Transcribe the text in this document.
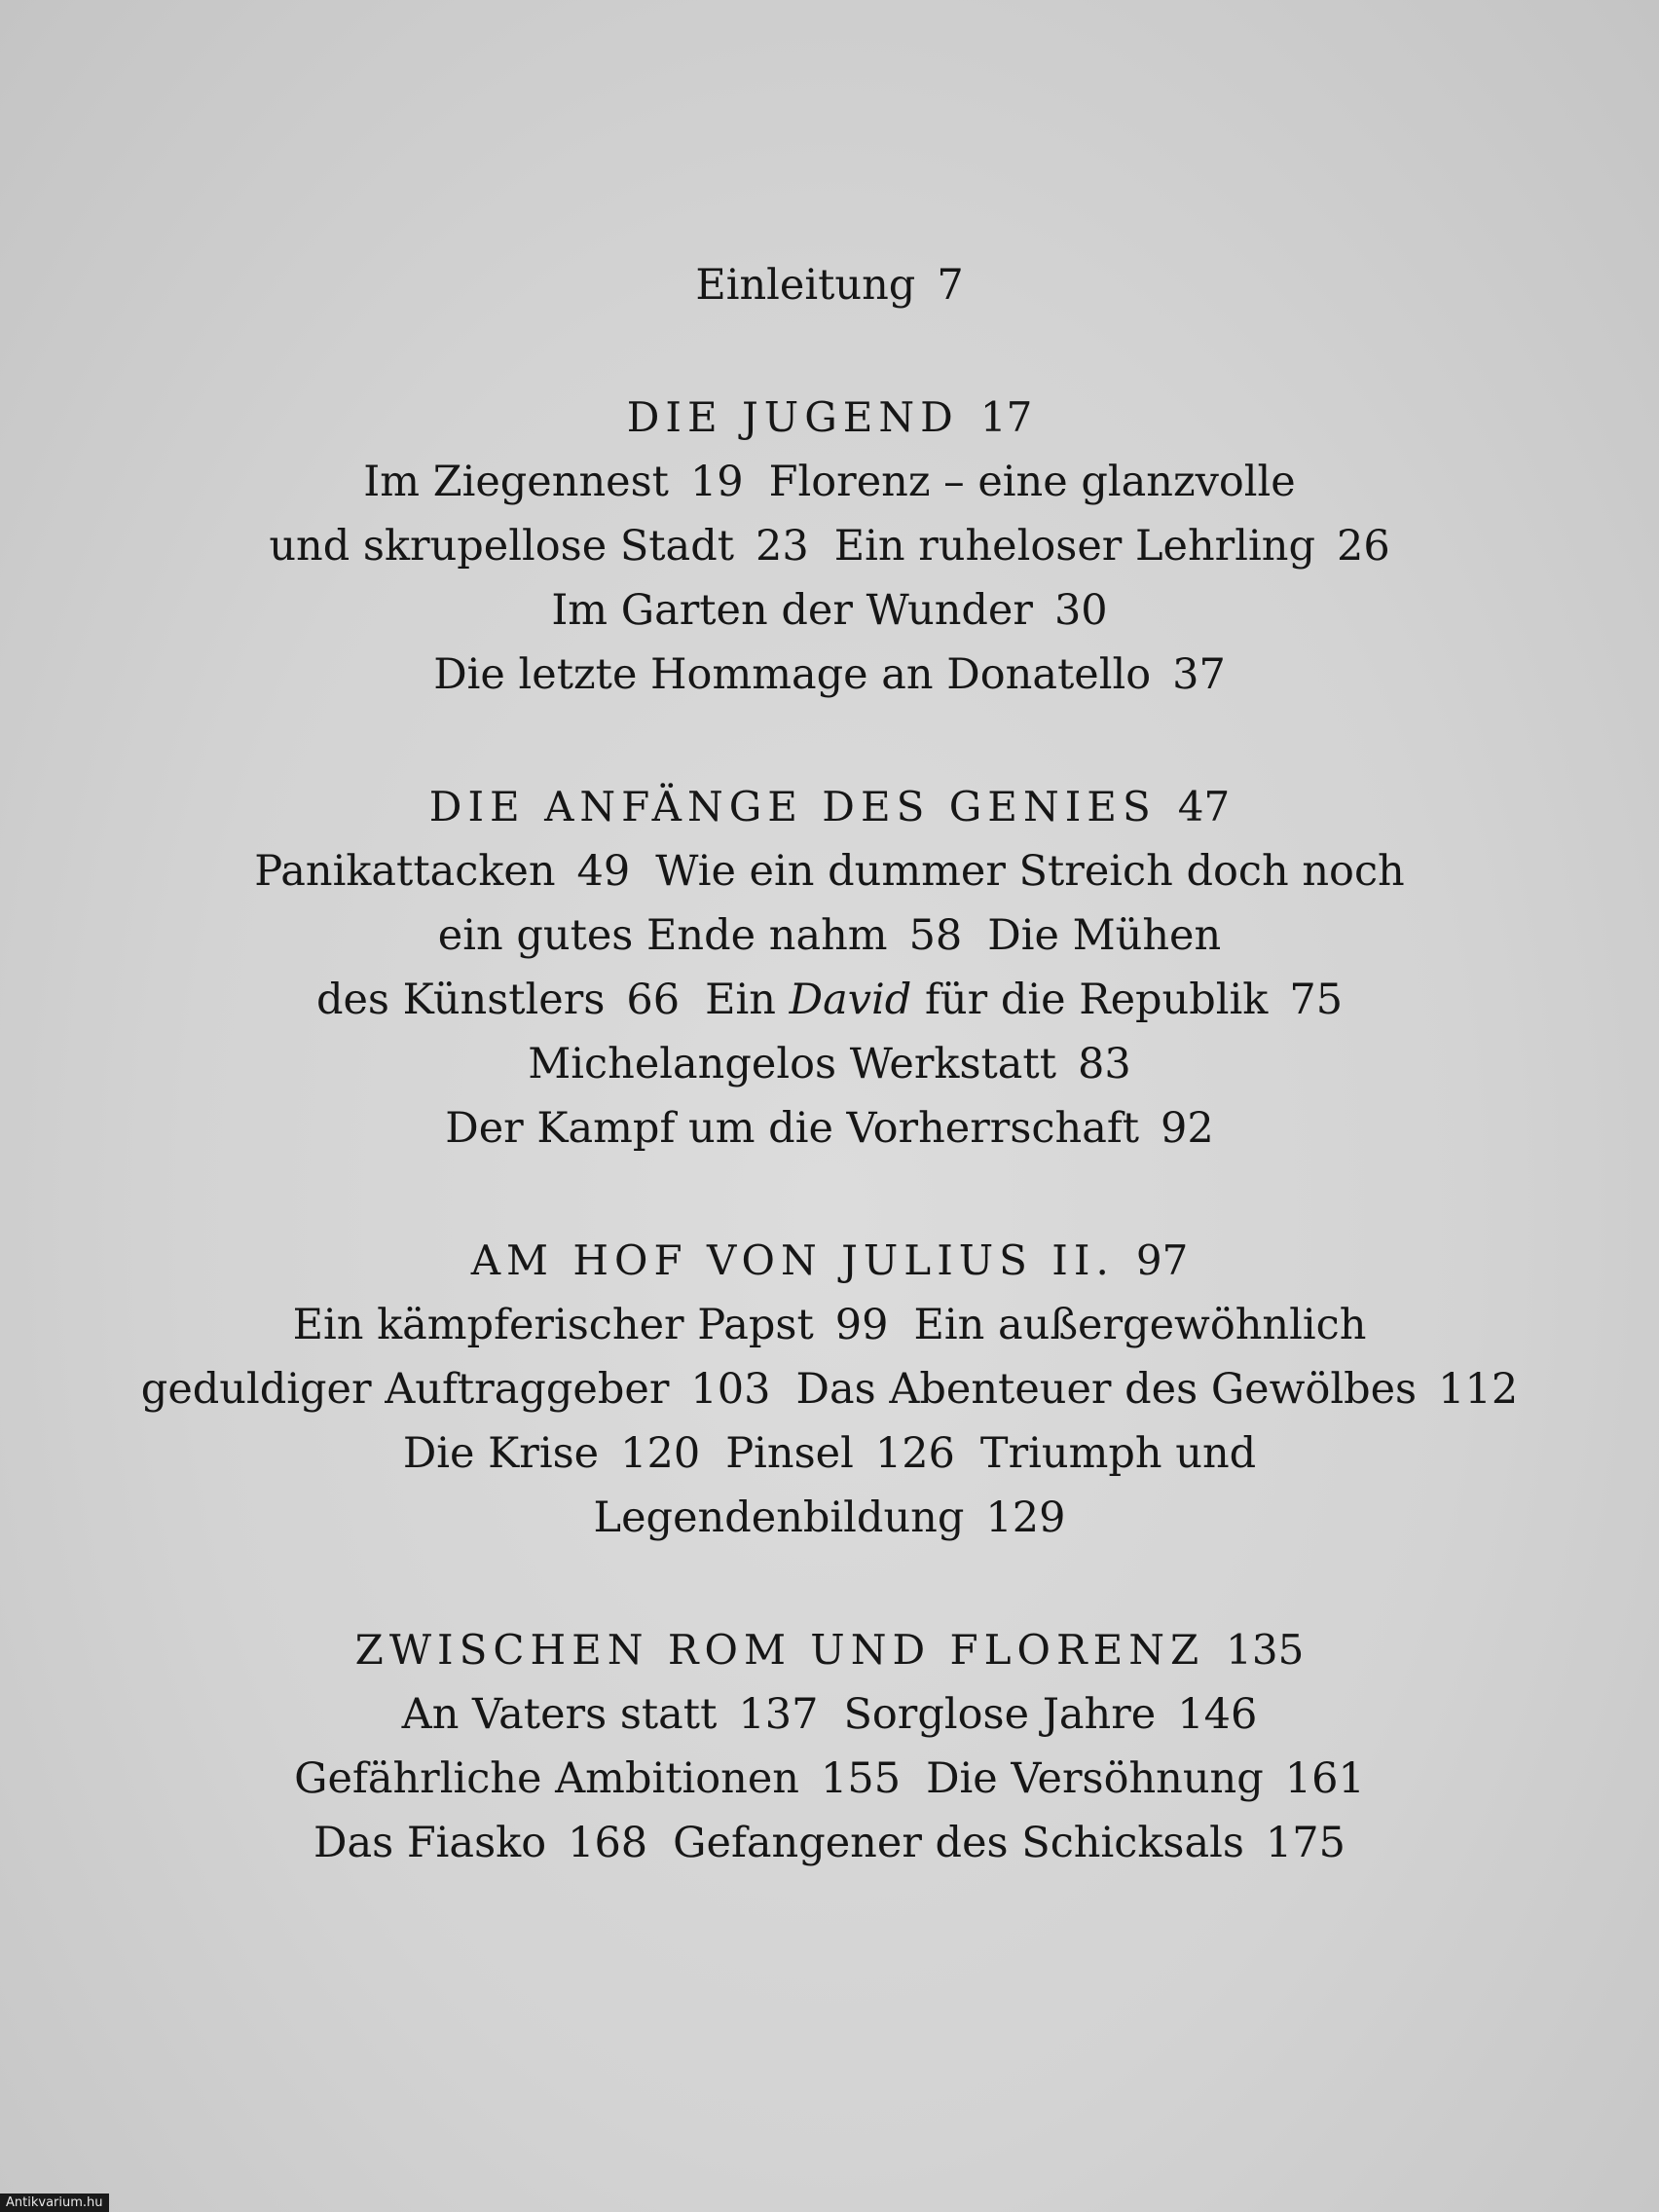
Einleitung 7
DIE JUGEND 17
Im Ziegennest 19 Florenz – eine glanzvolle
und skrupellose Stadt 23 Ein ruheloser Lehrling 26
Im Garten der Wunder 30
Die letzte Hommage an Donatello 37
DIE ANFÄNGE DES GENIES 47
Panikattacken 49 Wie ein dummer Streich doch noch
ein gutes Ende nahm 58 Die Mühen
des Künstlers 66 Ein David für die Republik 75
Michelangelos Werkstatt 83
Der Kampf um die Vorherrschaft 92
AM HOF VON JULIUS II. 97
Ein kämpferischer Papst 99 Ein außergewöhnlich
geduldiger Auftraggeber 103 Das Abenteuer des Gewölbes 112
Die Krise 120 Pinsel 126 Triumph und
Legendenbildung 129
ZWISCHEN ROM UND FLORENZ 135
An Vaters statt 137 Sorglose Jahre 146
Gefährliche Ambitionen 155 Die Versöhnung 161
Das Fiasko 168 Gefangener des Schicksals 175
Antikvarium.hu
